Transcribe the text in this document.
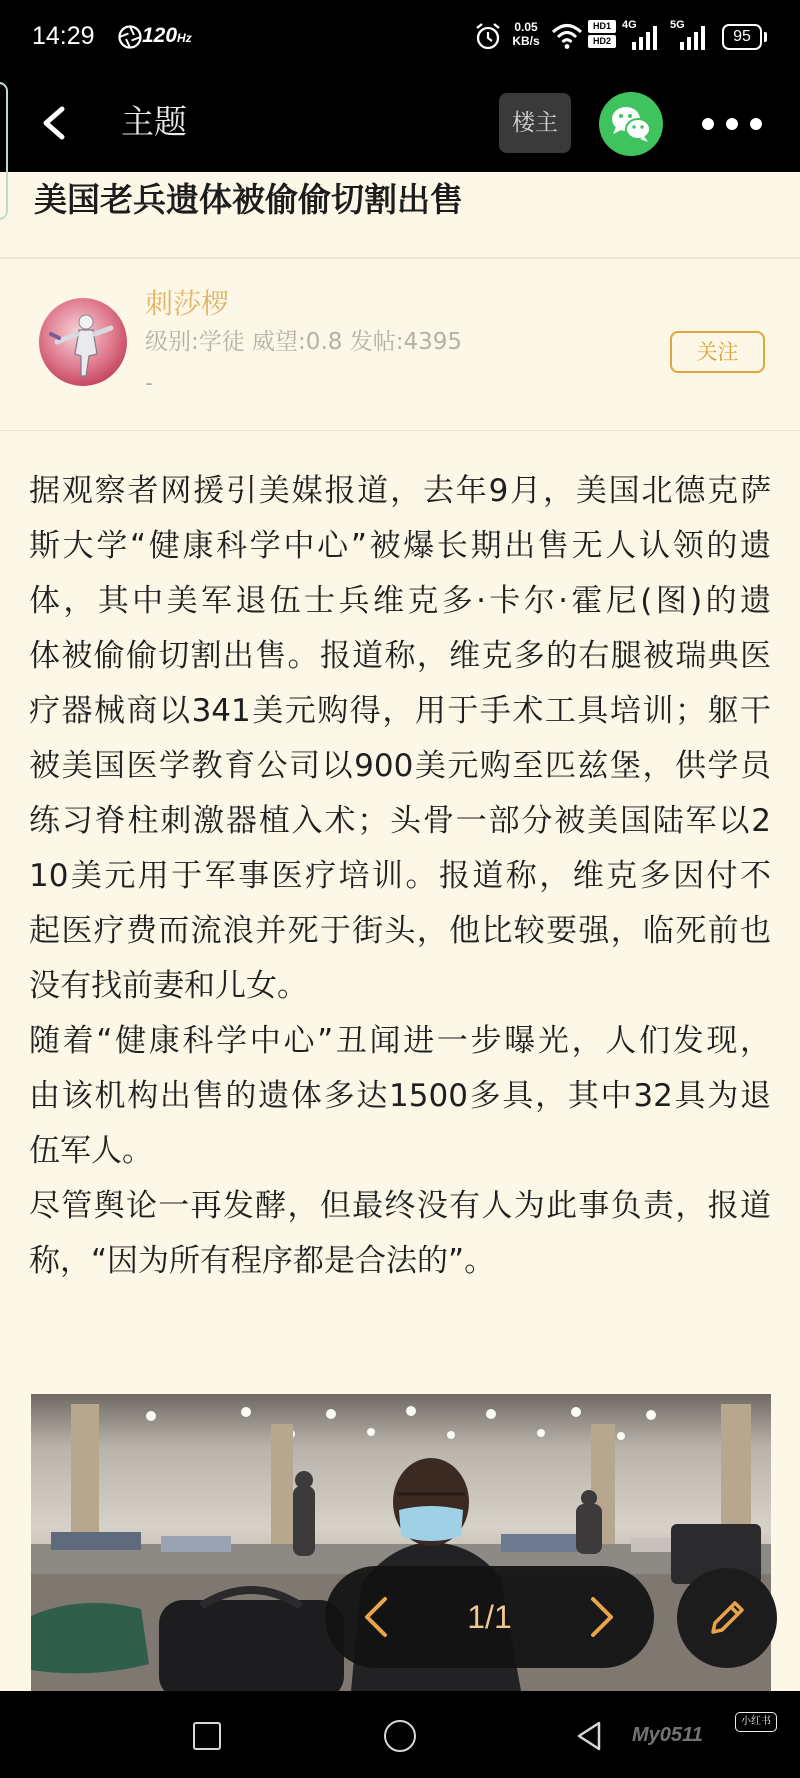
14:29 120Hz
0.05
KB/s
HD1
HD2
4G	5G
95
主题	楼主
美国老兵遗体被偷偷切割出售
刺莎椤
级别:学徒 威望:0.8 发帖:4395
-
关注
据观察者网援引美媒报道，去年9月，美国北德克萨
斯大学“健康科学中心”被爆长期出售无人认领的遗
体，其中美军退伍士兵维克多·卡尔·霍尼(图)的遗
体被偷偷切割出售。报道称，维克多的右腿被瑞典医
疗器械商以341美元购得，用于手术工具培训；躯干
被美国医学教育公司以900美元购至匹兹堡，供学员
练习脊柱刺激器植入术；头骨一部分被美国陆军以2
10美元用于军事医疗培训。报道称，维克多因付不
起医疗费而流浪并死于街头，他比较要强，临死前也
没有找前妻和儿女。
随着“健康科学中心”丑闻进一步曝光，人们发现，
由该机构出售的遗体多达1500多具，其中32具为退
伍军人。
尽管舆论一再发酵，但最终没有人为此事负责，报道
称，“因为所有程序都是合法的”。
1/1
My0511
小红书
